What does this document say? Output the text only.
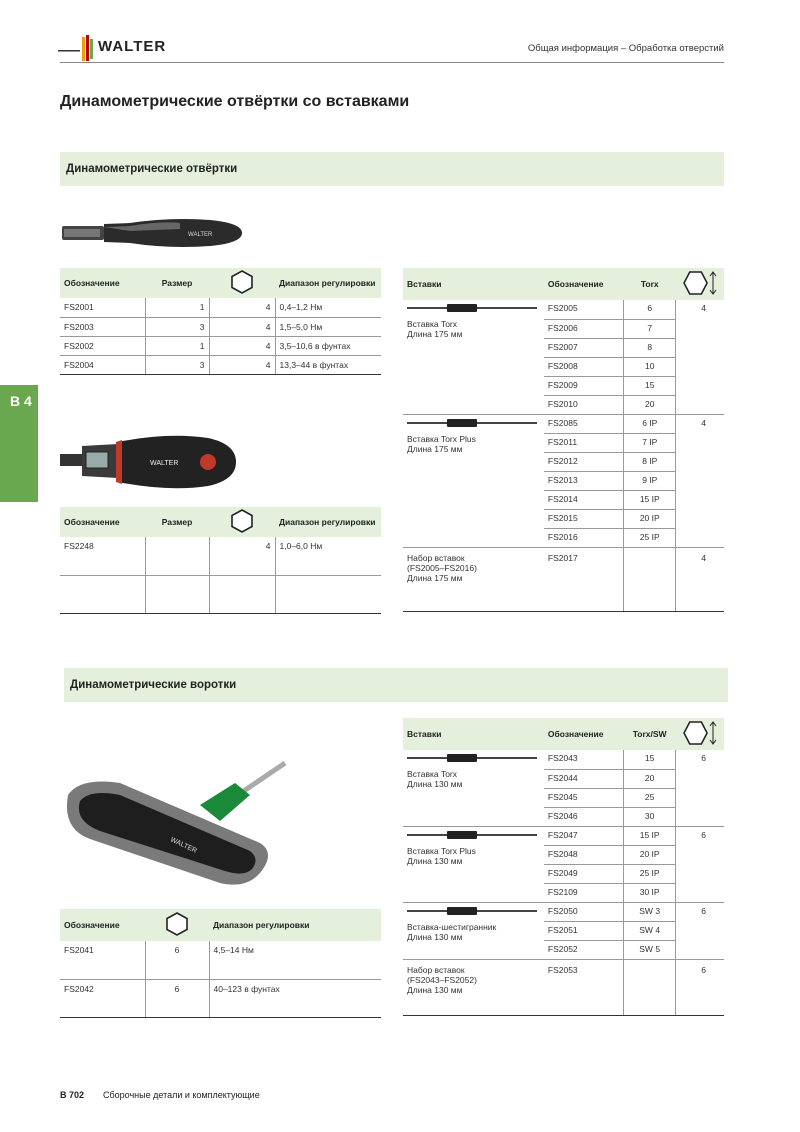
WALTER	Общая информация – Обработка отверстий
Динамометрические отвёртки со вставками
Динамометрические отвёртки
B 4
WALTER
Обозначение	Размер		Диапазон регулировки
FS2001	1	4	0,4–1,2 Нм
FS2003	3	4	1,5–5,0 Нм
FS2002	1	4	3,5–10,6 в фунтах
FS2004	3	4	13,3–44 в фунтах
WALTER
Обозначение	Размер		Диапазон регулировки
FS2248		4	1,0–6,0 Нм

Вставки	Обозначение	Torx	

Вставка Torx
Длина 175 мм	FS2005	6	4
	FS2006	7	
	FS2007	8	
	FS2008	10	
	FS2009	15	
	FS2010	20	

Вставка Torx Plus
Длина 175 мм	FS2085	6 IP	4
	FS2011	7 IP	
	FS2012	8 IP	
	FS2013	9 IP	
	FS2014	15 IP	
	FS2015	20 IP	
	FS2016	25 IP	

Набор вставок
(FS2005–FS2016)
Длина 175 мм	FS2017		4
Динамометрические воротки
WALTER
Обозначение		Диапазон регулировки
FS2041	6	4,5–14 Нм
FS2042	6	40–123 в фунтах
Вставки	Обозначение	Torx/SW	

Вставка Torx
Длина 130 мм	FS2043	15	6
	FS2044	20	
	FS2045	25	
	FS2046	30	

Вставка Torx Plus
Длина 130 мм	FS2047	15 IP	6
	FS2048	20 IP	
	FS2049	25 IP	
	FS2109	30 IP	

Вставка-шестигранник
Длина 130 мм	FS2050	SW 3	6
	FS2051	SW 4	
	FS2052	SW 5	

Набор вставок
(FS2043–FS2052)
Длина 130 мм	FS2053		6
B 702 Сборочные детали и комплектующие
